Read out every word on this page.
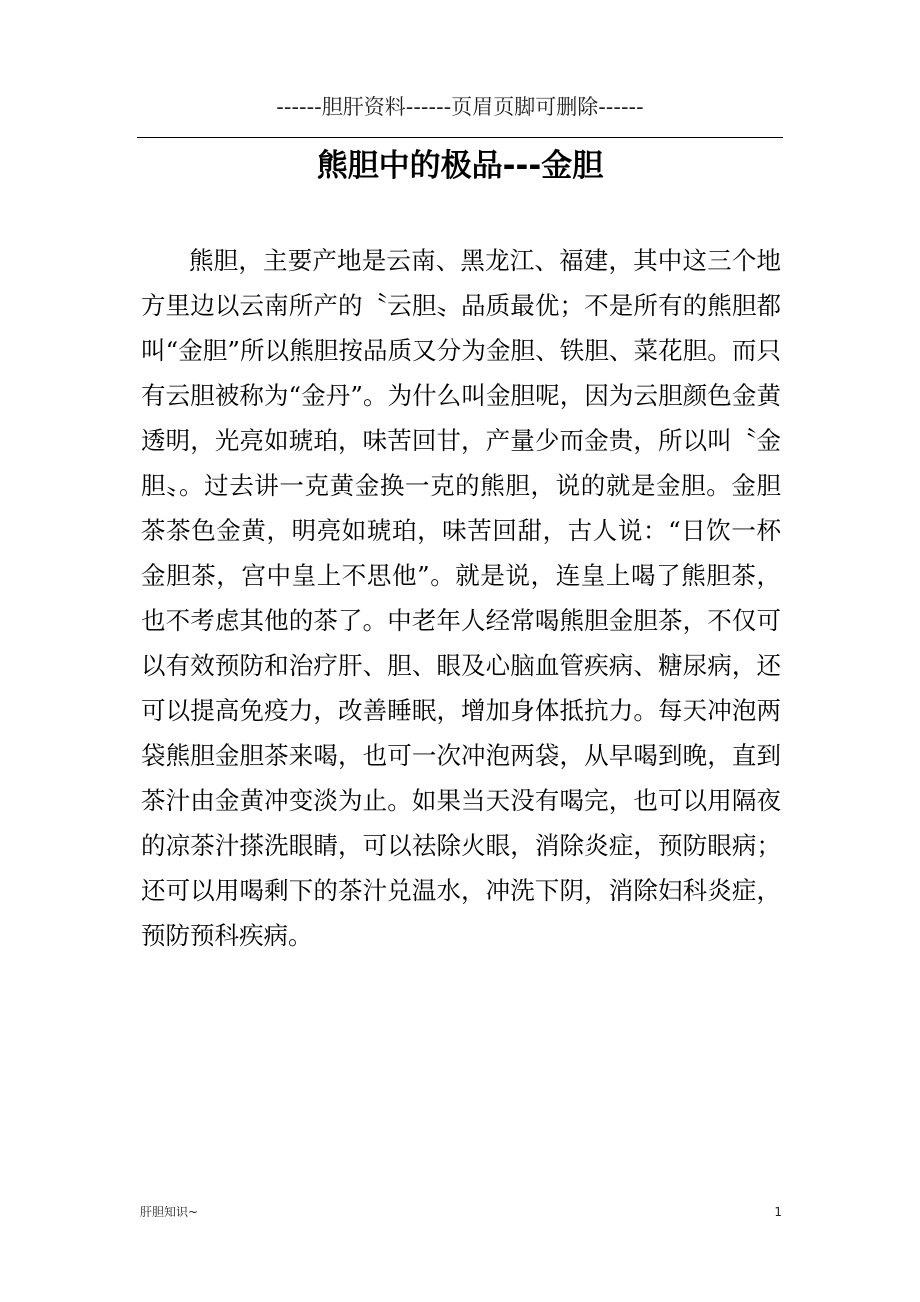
------胆肝资料------页眉页脚可删除------
熊胆中的极品---金胆

熊胆，主要产地是云南、黑龙江、福建，其中这三个地方里边以云南所产的〝云胆〟品质最优；不是所有的熊胆都叫“金胆”所以熊胆按品质又分为金胆、铁胆、菜花胆。而只有云胆被称为“金丹”。为什么叫金胆呢，因为云胆颜色金黄透明，光亮如琥珀，味苦回甘，产量少而金贵，所以叫〝金胆〟。过去讲一克黄金换一克的熊胆，说的就是金胆。金胆茶茶色金黄，明亮如琥珀，味苦回甜，古人说：“日饮一杯金胆茶，宫中皇上不思他”。就是说，连皇上喝了熊胆茶，也不考虑其他的茶了。中老年人经常喝熊胆金胆茶，不仅可以有效预防和治疗肝、胆、眼及心脑血管疾病、糖尿病，还可以提高免疫力，改善睡眠，增加身体抵抗力。每天冲泡两袋熊胆金胆茶来喝，也可一次冲泡两袋，从早喝到晚，直到茶汁由金黄冲变淡为止。如果当天没有喝完，也可以用隔夜的凉茶汁搽洗眼睛，可以祛除火眼，消除炎症，预防眼病；还可以用喝剩下的茶汁兑温水，冲洗下阴，消除妇科炎症，预防预科疾病。

肝胆知识~	1
